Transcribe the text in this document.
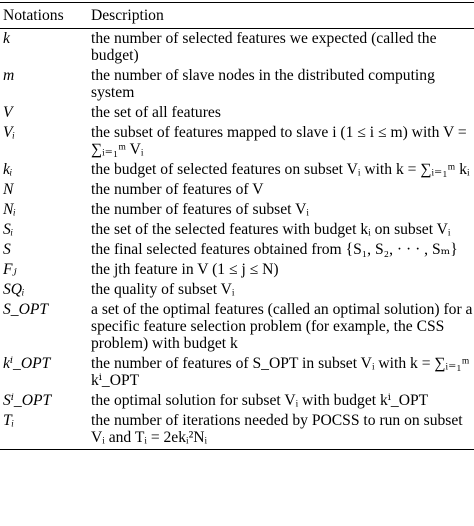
Notations	Description
k	the number of selected features we expected (called the budget)
m	the number of slave nodes in the distributed computing system
V	the set of all features
Vᵢ	the subset of features mapped to slave i (1 ≤ i ≤ m) with V = ∑ᵢ₌₁ᵐ Vᵢ
kᵢ	the budget of selected features on subset Vᵢ with k = ∑ᵢ₌₁ᵐ kᵢ
N	the number of features of V
Nᵢ	the number of features of subset Vᵢ
Sᵢ	the set of the selected features with budget kᵢ on subset Vᵢ
S	the final selected features obtained from {S₁, S₂, · · · , Sₘ}
Fⱼ	the jth feature in V (1 ≤ j ≤ N)
SQᵢ	the quality of subset Vᵢ
S_OPT	a set of the optimal features (called an optimal solution) for a specific feature selection problem (for example, the CSS problem) with budget k
kⁱ_OPT	the number of features of S_OPT in subset Vᵢ with k = ∑ᵢ₌₁ᵐ kⁱ_OPT
Sⁱ_OPT	the optimal solution for subset Vᵢ with budget kⁱ_OPT
Tᵢ	the number of iterations needed by POCSS to run on subset Vᵢ and Tᵢ = 2ekᵢ²Nᵢ
